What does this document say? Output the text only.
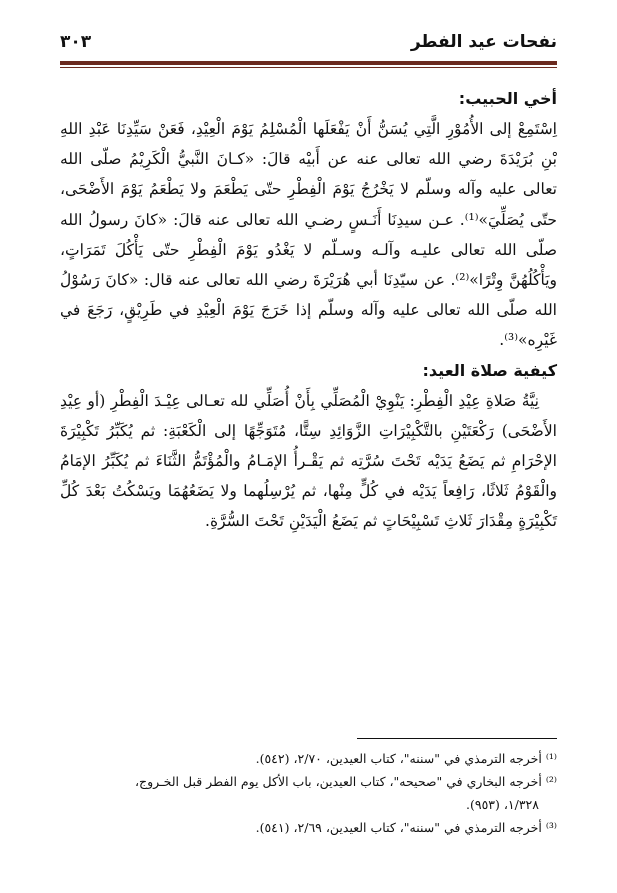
نفحات عيد الفطر
٣٠٣

أخي الحبيب:

اِسْتَمِعْ إلى الأُمُوْرِ الَّتِي يُسَنُّ أَنْ يَفْعَلَها الْمُسْلِمُ يَوْمَ الْعِيْدِ، فَعَنْ سَيِّدِنَا عَبْدِ اللهِ بْنِ بُرَيْدَةَ رضي الله تعالى عنه عن أَبيْه قالَ: «كـانَ النَّبيُّ الْكَرِيْمُ صلّى الله تعالى عليه وآله وسلّم لا يَخْرُجُ يَوْمَ الْفِطْرِ حتّى يَطْعَمَ ولا يَطْعَمُ يَوْمَ الأَضْحَى، حتّى يُصَلِّيَ»⁽¹⁾. عـن سيدِنَا أَنَـسٍ رضـي الله تعالى عنه قالَ: «كانَ رسولُ الله صلّى الله تعالى عليـه وآلـه وسـلّم لا يَغْدُو يَوْمَ الْفِطْرِ حتّى يَأْكُلَ تَمَرَاتٍ، ويَأْكُلُهُنَّ وِتْرًا»⁽²⁾. عن سيّدِنَا أبي هُرَيْرَةَ رضي الله تعالى عنه قال: «كانَ رَسُوْلُ الله صلّى الله تعالى عليه وآله وسلّم إذا خَرَجَ يَوْمَ الْعِيْدِ في طَرِيْقٍ، رَجَعَ في غَيْرِه»⁽³⁾.

كيفية صلاة العيد:

نِيَّةُ صَلاةِ عِيْدِ الْفِطْرِ: يَنْوِيْ الْمُصَلِّي بِأَنْ أُصَلِّي لله تعـالى عِيْـدَ الْفِطْرِ (أو عِيْدِ الأَضْحَى) رَكْعَتَيْنِ بالتَّكْبِيْرَاتِ الزَّوَائِدِ سِتًّا، مُتَوَجِّهًا إلى الْكَعْبَةِ: ثم يُكَبِّرُ تَكْبِيْرَةَ الإحْرَامِ ثم يَضَعُ يَدَيْه تَحْتَ سُرَّتِه ثم يَقْـرأُ الإمَـامُ والْمُؤْتَمُّ الثَّنَاءَ ثم يُكَبِّرُ الإمَامُ والْقَوْمُ ثَلاثًا، رَافِعاً يَدَيْه في كُلٍّ مِنْها، ثم يُرْسِلُهما ولا يَضَعُهُمَا ويَسْكُتُ بَعْدَ كُلِّ تَكْبِيْرَةٍ مِقْدَارَ ثَلاثِ تَسْبِيْحَاتٍ ثم يَضَعُ الْيَدَيْنِ تَحْتَ السُّرَّةِ.

⁽¹⁾ أخرجه الترمذي في "سننه"، كتاب العيدين، ٢/٧٠، (٥٤٢).

⁽²⁾ أخرجه البخاري في "صحيحه"، كتاب العيدين، باب الأكل يوم الفطر قبل الخـروج،

١/٣٢٨، (٩٥٣).

⁽³⁾ أخرجه الترمذي في "سننه"، كتاب العيدين، ٢/٦٩، (٥٤١).
